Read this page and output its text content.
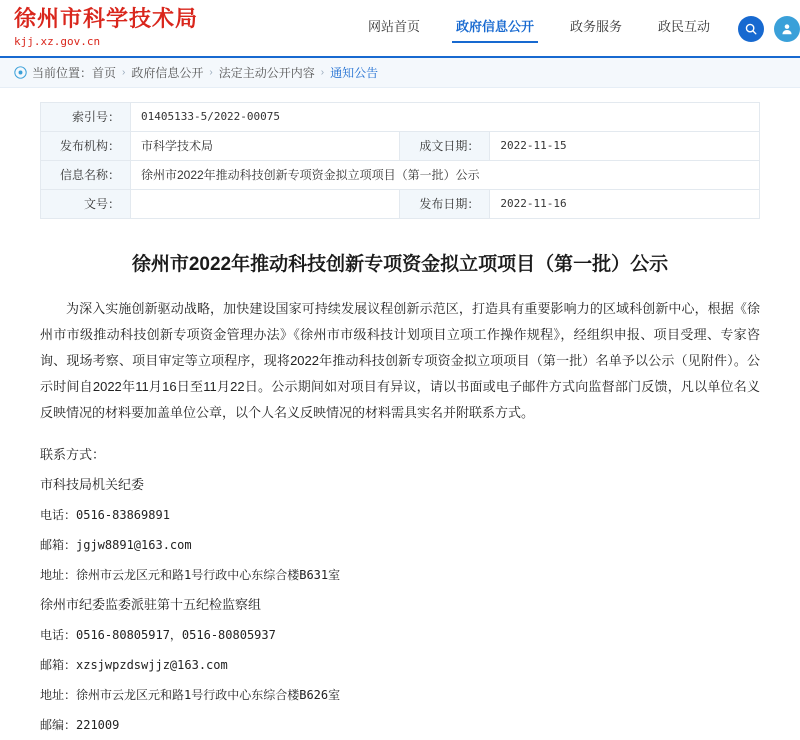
徐州市科学技术局
kjj.xz.gov.cn
网站首页	政府信息公开	政务服务	政民互动
当前位置： 首页 › 政府信息公开 › 法定主动公开内容 › 通知公告
索引号：	01405133-5/2022-00075		
发布机构：	市科学技术局	成文日期：	2022-11-15
信息名称：	徐州市2022年推动科技创新专项资金拟立项项目（第一批）公示		
文号：		发布日期：	2022-11-16
徐州市2022年推动科技创新专项资金拟立项项目（第一批）公示

为深入实施创新驱动战略，加快建设国家可持续发展议程创新示范区，打造具有重要影响力的区域科创新中心，根据《徐州市市级推动科技创新专项资金管理办法》《徐州市市级科技计划项目立项工作操作规程》，经组织申报、项目受理、专家咨询、现场考察、项目审定等立项程序，现将2022年推动科技创新专项资金拟立项项目（第一批）名单予以公示（见附件）。公示时间自2022年11月16日至11月22日。公示期间如对项目有异议，请以书面或电子邮件方式向监督部门反馈，凡以单位名义反映情况的材料要加盖单位公章，以个人名义反映情况的材料需具实名并附联系方式。

联系方式：

市科技局机关纪委

电话：0516-83869891

邮箱：jgjw8891@163.com

地址：徐州市云龙区元和路1号行政中心东综合楼B631室

徐州市纪委监委派驻第十五纪检监察组

电话：0516-80805917，0516-80805937

邮箱：xzsjwpzdswjjz@163.com

地址：徐州市云龙区元和路1号行政中心东综合楼B626室

邮编：221009
